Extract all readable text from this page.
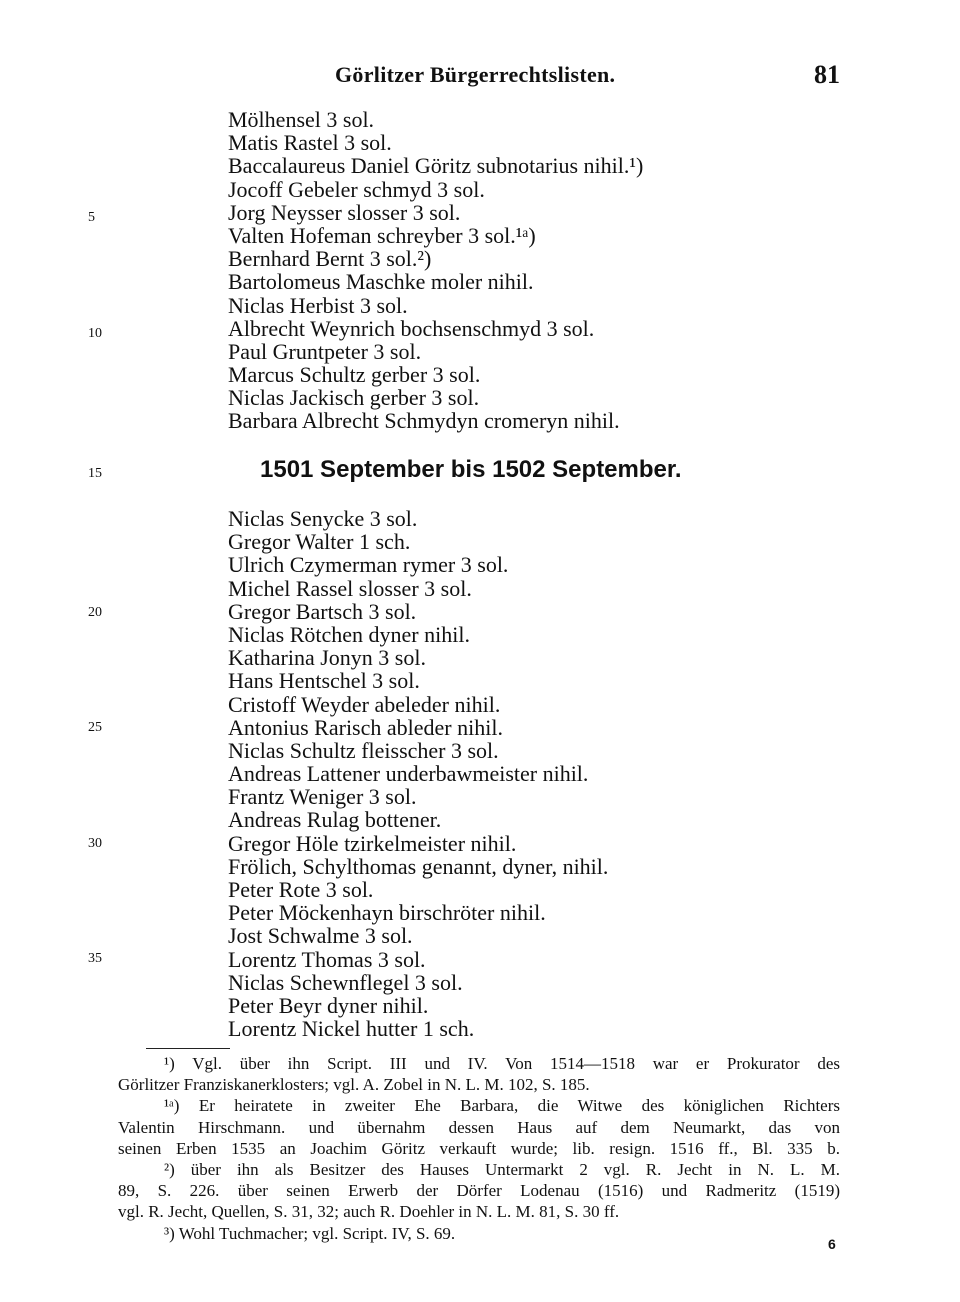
Görlitzer Bürgerrechtslisten.	81
Mölhensel 3 sol.
Matis Rastel 3 sol.
Baccalaureus Daniel Göritz subnotarius nihil.¹)
Jocoff Gebeler schmyd 3 sol.
Jorg Neysser slosser 3 sol.
Valten Hofeman schreyber 3 sol.¹ᵃ)
Bernhard Bernt 3 sol.²)
Bartolomeus Maschke moler nihil.
Niclas Herbist 3 sol.
Albrecht Weynrich bochsenschmyd 3 sol.
Paul Gruntpeter 3 sol.
Marcus Schultz gerber 3 sol.
Niclas Jackisch gerber 3 sol.
Barbara Albrecht Schmydyn cromeryn nihil.
1501 September bis 1502 September.
Niclas Senycke 3 sol.
Gregor Walter 1 sch.
Ulrich Czymerman rymer 3 sol.
Michel Rassel slosser 3 sol.
Gregor Bartsch 3 sol.
Niclas Rötchen dyner nihil.
Katharina Jonyn 3 sol.
Hans Hentschel 3 sol.
Cristoff Weyder abeleder nihil.
Antonius Rarisch ableder nihil.
Niclas Schultz fleisscher 3 sol.
Andreas Lattener underbawmeister nihil.
Frantz Weniger 3 sol.
Andreas Rulag bottener.
Gregor Höle tzirkelmeister nihil.
Frölich, Schylthomas genannt, dyner, nihil.
Peter Rote 3 sol.
Peter Möckenhayn birschröter nihil.
Jost Schwalme 3 sol.
Lorentz Thomas 3 sol.
Niclas Schewnflegel 3 sol.
Peter Beyr dyner nihil.
Lorentz Nickel hutter 1 sch.
5
10
15
20
25
30
35
¹) Vgl. über ihn Script. III und IV. Von 1514—1518 war er Prokurator des
Görlitzer Franziskanerklosters; vgl. A. Zobel in N. L. M. 102, S. 185.
¹ᵃ) Er heiratete in zweiter Ehe Barbara, die Witwe des königlichen Richters
Valentin Hirschmann. und übernahm dessen Haus auf dem Neumarkt, das von
seinen Erben 1535 an Joachim Göritz verkauft wurde; lib. resign. 1516 ff., Bl. 335 b.
²) über ihn als Besitzer des Hauses Untermarkt 2 vgl. R. Jecht in N. L. M.
89, S. 226. über seinen Erwerb der Dörfer Lodenau (1516) und Radmeritz (1519)
vgl. R. Jecht, Quellen, S. 31, 32; auch R. Doehler in N. L. M. 81, S. 30 ff.
³) Wohl Tuchmacher; vgl. Script. IV, S. 69.
6
